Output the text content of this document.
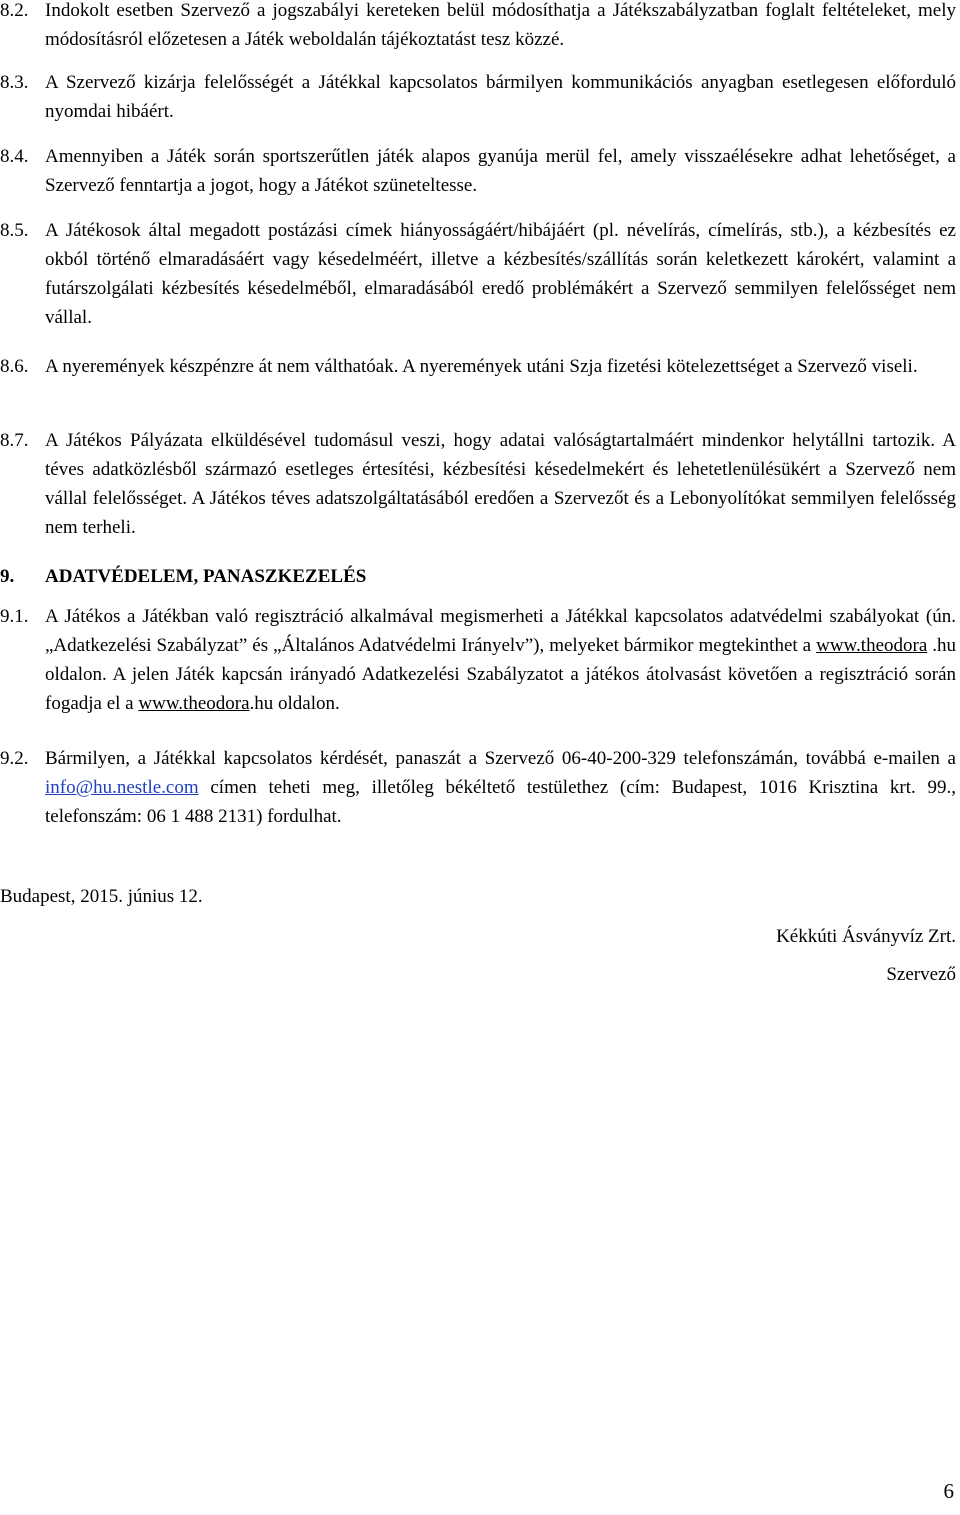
8.2. Indokolt esetben Szervező a jogszabályi kereteken belül módosíthatja a Játékszabályzatban foglalt feltételeket, mely módosításról előzetesen a Játék weboldalán tájékoztatást tesz közzé.
8.3. A Szervező kizárja felelősségét a Játékkal kapcsolatos bármilyen kommunikációs anyagban esetlegesen előforduló nyomdai hibáért.
8.4. Amennyiben a Játék során sportszerűtlen játék alapos gyanúja merül fel, amely visszaélésekre adhat lehetőséget, a Szervező fenntartja a jogot, hogy a Játékot szüneteltesse.
8.5. A Játékosok által megadott postázási címek hiányosságáért/hibájáért (pl. névelírás, címelírás, stb.), a kézbesítés ez okból történő elmaradásáért vagy késedelméért, illetve a kézbesítés/szállítás során keletkezett károkért, valamint a futárszolgálati kézbesítés késedelméből, elmaradásából eredő problémákért a Szervező semmilyen felelősséget nem vállal.
8.6. A nyeremények készpénzre át nem válthatóak. A nyeremények utáni Szja fizetési kötelezettséget a Szervező viseli.
8.7. A Játékos Pályázata elküldésével tudomásul veszi, hogy adatai valóságtartalmáért mindenkor helytállni tartozik. A téves adatközlésből származó esetleges értesítési, kézbesítési késedelmekért és lehetetlenülésükért a Szervező nem vállal felelősséget. A Játékos téves adatszolgáltatásából eredően a Szervezőt és a Lebonyolítókat semmilyen felelősség nem terheli.
9. ADATVÉDELEM, PANASZKEZELÉS
9.1. A Játékos a Játékban való regisztráció alkalmával megismerheti a Játékkal kapcsolatos adatvédelmi szabályokat (ún. „Adatkezelési Szabályzat” és „Általános Adatvédelmi Irányelv”), melyeket bármikor megtekinthet a www.theodora .hu oldalon. A jelen Játék kapcsán irányadó Adatkezelési Szabályzatot a játékos átolvasást követően a regisztráció során fogadja el a www.theodora.hu oldalon.
9.2. Bármilyen, a Játékkal kapcsolatos kérdését, panaszát a Szervező 06-40-200-329 telefonszámán, továbbá e-mailen a info@hu.nestle.com címen teheti meg, illetőleg békéltető testülethez (cím: Budapest, 1016 Krisztina krt. 99., telefonszám: 06 1 488 2131) fordulhat.
Budapest, 2015. június 12.
Kékkúti Ásványvíz Zrt.
Szervező
6
